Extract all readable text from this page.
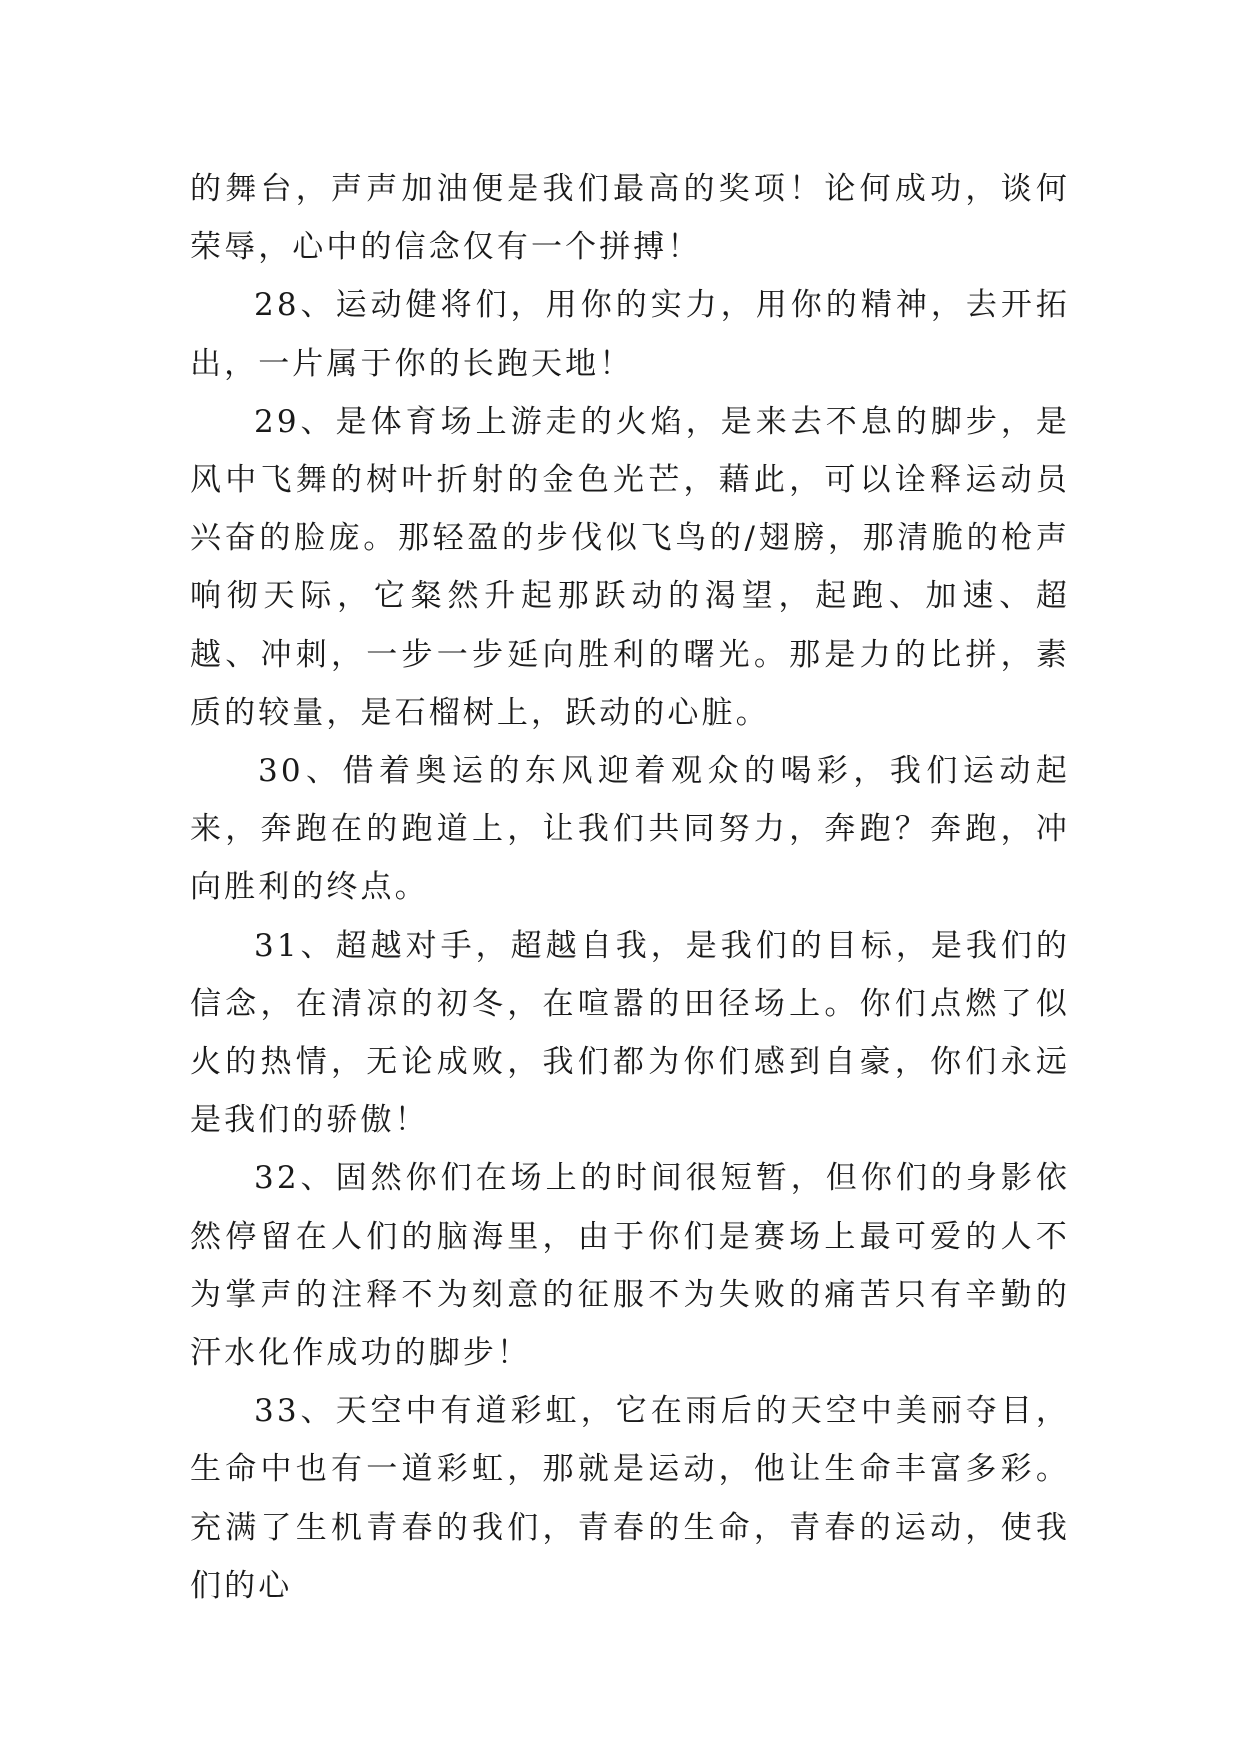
的舞台，声声加油便是我们最高的奖项！论何成功，谈何荣辱，心中的信念仅有一个拼搏！

28、运动健将们，用你的实力，用你的精神，去开拓出，一片属于你的长跑天地！

29、是体育场上游走的火焰，是来去不息的脚步，是风中飞舞的树叶折射的金色光芒，藉此，可以诠释运动员兴奋的脸庞。那轻盈的步伐似飞鸟的/翅膀，那清脆的枪声响彻天际，它粲然升起那跃动的渴望，起跑、加速、超越、冲刺，一步一步延向胜利的曙光。那是力的比拼，素质的较量，是石榴树上，跃动的心脏。

30、借着奥运的东风迎着观众的喝彩，我们运动起来，奔跑在的跑道上，让我们共同努力，奔跑？奔跑，冲向胜利的终点。

31、超越对手，超越自我，是我们的目标，是我们的信念，在清凉的初冬，在喧嚣的田径场上。你们点燃了似火的热情，无论成败，我们都为你们感到自豪，你们永远是我们的骄傲！

32、固然你们在场上的时间很短暂，但你们的身影依然停留在人们的脑海里，由于你们是赛场上最可爱的人不为掌声的注释不为刻意的征服不为失败的痛苦只有辛勤的汗水化作成功的脚步！

33、天空中有道彩虹，它在雨后的天空中美丽夺目，生命中也有一道彩虹，那就是运动，他让生命丰富多彩。充满了生机青春的我们，青春的生命，青春的运动，使我们的心
